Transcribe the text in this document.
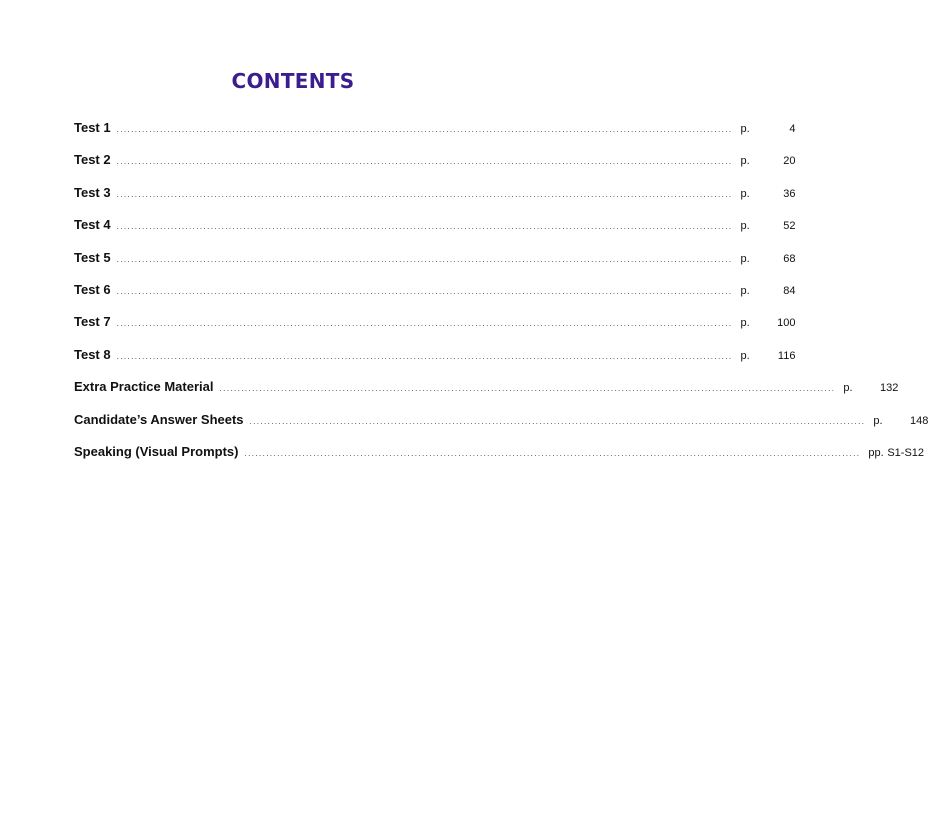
CONTENTS
Test 1 .......................................................................................................................................................................... p.	4
Test 2 .......................................................................................................................................................................... p.	20
Test 3 .......................................................................................................................................................................... p.	36
Test 4 .......................................................................................................................................................................... p.	52
Test 5 .......................................................................................................................................................................... p.	68
Test 6 .......................................................................................................................................................................... p.	84
Test 7 .......................................................................................................................................................................... p.	100
Test 8 .......................................................................................................................................................................... p.	116
Extra Practice Material .......................................................................................................................................................................... p.	132
Candidate’s Answer Sheets .......................................................................................................................................................................... p.	148
Speaking (Visual Prompts) .......................................................................................................................................................................... pp. S1-S12
